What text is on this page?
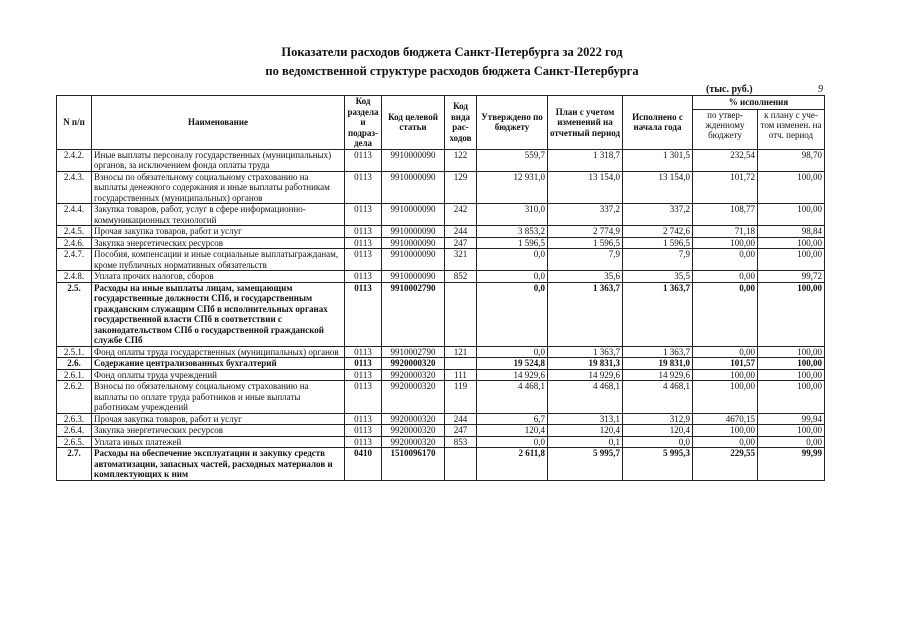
Показатели расходов бюджета Санкт-Петербурга за 2022 год
по ведомственной структуре расходов бюджета Санкт-Петербурга
(тыс. руб.)	9
N п/п	Наименование	Код раздела и подраз-дела	Код целевой статьи	Код вида рас-ходов	Утверждено по бюджету	План с учетом изменений на отчетный период	Исполнено с начала года	% исполнения	
								по утвер-жденному бюджету	к плану с уче-том изменен. на отч. период
2.4.2.	Иные выплаты персоналу государственных (муниципальных) органов, за исключением фонда оплаты труда	0113	9910000090	122	559,7	1 318,7	1 301,5	232,54	98,70
2.4.3.	Взносы по обязательному социальному страхованию на выплаты денежного содержания и иные выплаты работникам государственных (муниципальных) органов	0113	9910000090	129	12 931,0	13 154,0	13 154,0	101,72	100,00
2.4.4.	Закупка товаров, работ, услуг в сфере информационно-коммуникационных технологий	0113	9910000090	242	310,0	337,2	337,2	108,77	100,00
2.4.5.	Прочая закупка товаров, работ и услуг	0113	9910000090	244	3 853,2	2 774,9	2 742,6	71,18	98,84
2.4.6.	Закупка энергетических ресурсов	0113	9910000090	247	1 596,5	1 596,5	1 596,5	100,00	100,00
2.4.7.	Пособия, компенсации и иные социальные выплатыгражданам, кроме публичных нормативных обязательств	0113	9910000090	321	0,0	7,9	7,9	0,00	100,00
2.4.8.	Уплата прочих налогов, сборов	0113	9910000090	852	0,0	35,6	35,5	0,00	99,72
2.5.	Расходы на иные выплаты лицам, замещающим государственные должности СПб, и государственным гражданским служащим СПб в исполнительных органах государственной власти СПб в соответствии с законодательством СПб о государственной гражданской службе СПб	0113	9910002790		0,0	1 363,7	1 363,7	0,00	100,00
2.5.1.	Фонд оплаты труда государственных (муниципальных) органов	0113	9910002790	121	0,0	1 363,7	1 363,7	0,00	100,00
2.6.	Содержание централизованных бухгалтерий	0113	9920000320		19 524,8	19 831,3	19 831,0	101,57	100,00
2.6.1.	Фонд оплаты труда учреждений	0113	9920000320	111	14 929,6	14 929,6	14 929,6	100,00	100,00
2.6.2.	Взносы по обязательному социальному страхованию на выплаты по оплате труда работников и иные выплаты работникам учреждений	0113	9920000320	119	4 468,1	4 468,1	4 468,1	100,00	100,00
2.6.3.	Прочая закупка товаров, работ и услуг	0113	9920000320	244	6,7	313,1	312,9	4670,15	99,94
2.6.4.	Закупка энергетических ресурсов	0113	9920000320	247	120,4	120,4	120,4	100,00	100,00
2.6.5.	Уплата иных платежей	0113	9920000320	853	0,0	0,1	0,0	0,00	0,00
2.7.	Расходы на обеспечение эксплуатации и закупку средств автоматизации, запасных частей, расходных материалов и комплектующих к ним	0410	1510096170		2 611,8	5 995,7	5 995,3	229,55	99,99
